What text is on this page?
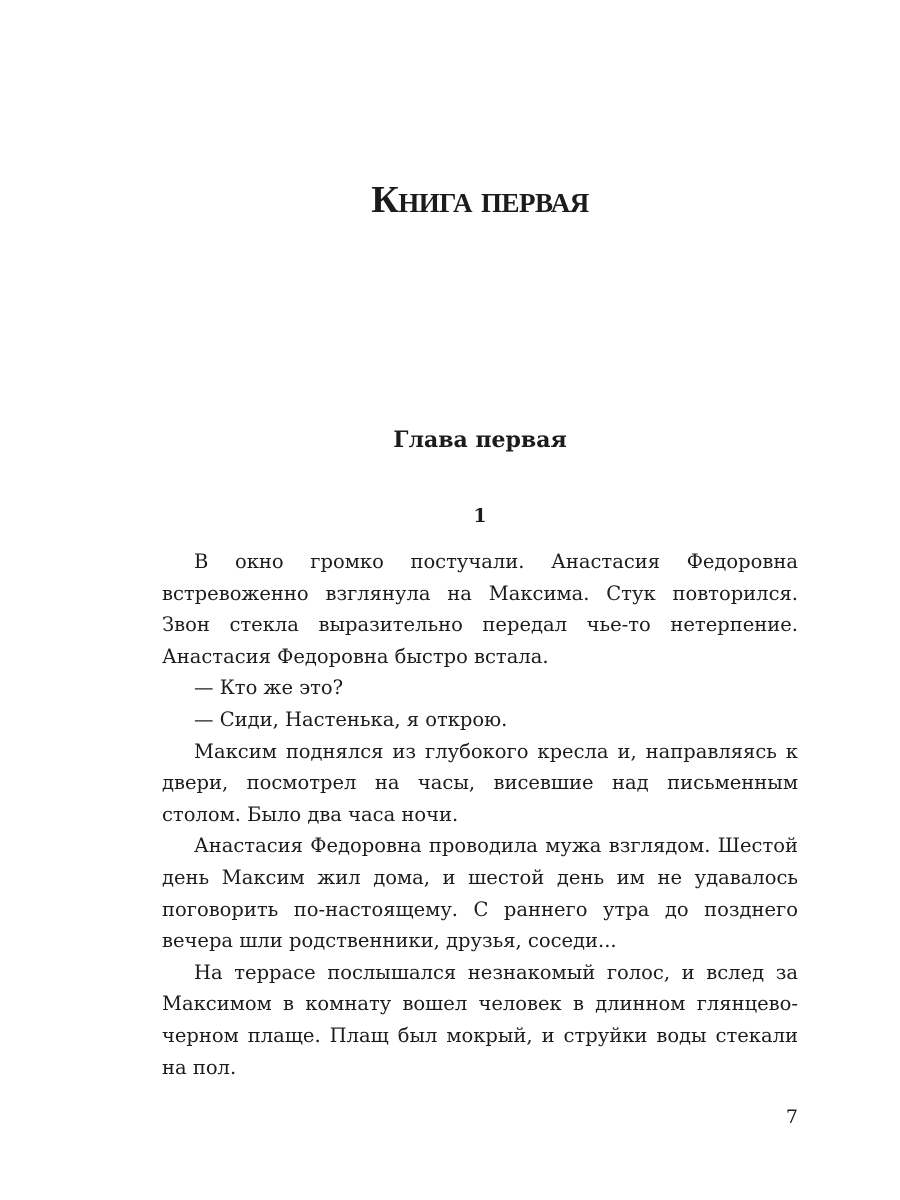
Книга первая
Глава первая
1

В окно громко постучали. Анастасия Федоровна встревоженно взглянула на Максима. Стук повторился. Звон стекла выразительно передал чье-то нетерпение. Анастасия Федоровна быстро встала.

— Кто же это?

— Сиди, Настенька, я открою.

Максим поднялся из глубокого кресла и, направляясь к двери, посмотрел на часы, висевшие над письменным столом. Было два часа ночи.

Анастасия Федоровна проводила мужа взглядом. Шестой день Максим жил дома, и шестой день им не удавалось поговорить по-настоящему. С раннего утра до позднего вечера шли родственники, друзья, соседи...

На террасе послышался незнакомый голос, и вслед за Максимом в комнату вошел человек в длинном глянцево-черном плаще. Плащ был мокрый, и струйки воды стекали на пол.

7
